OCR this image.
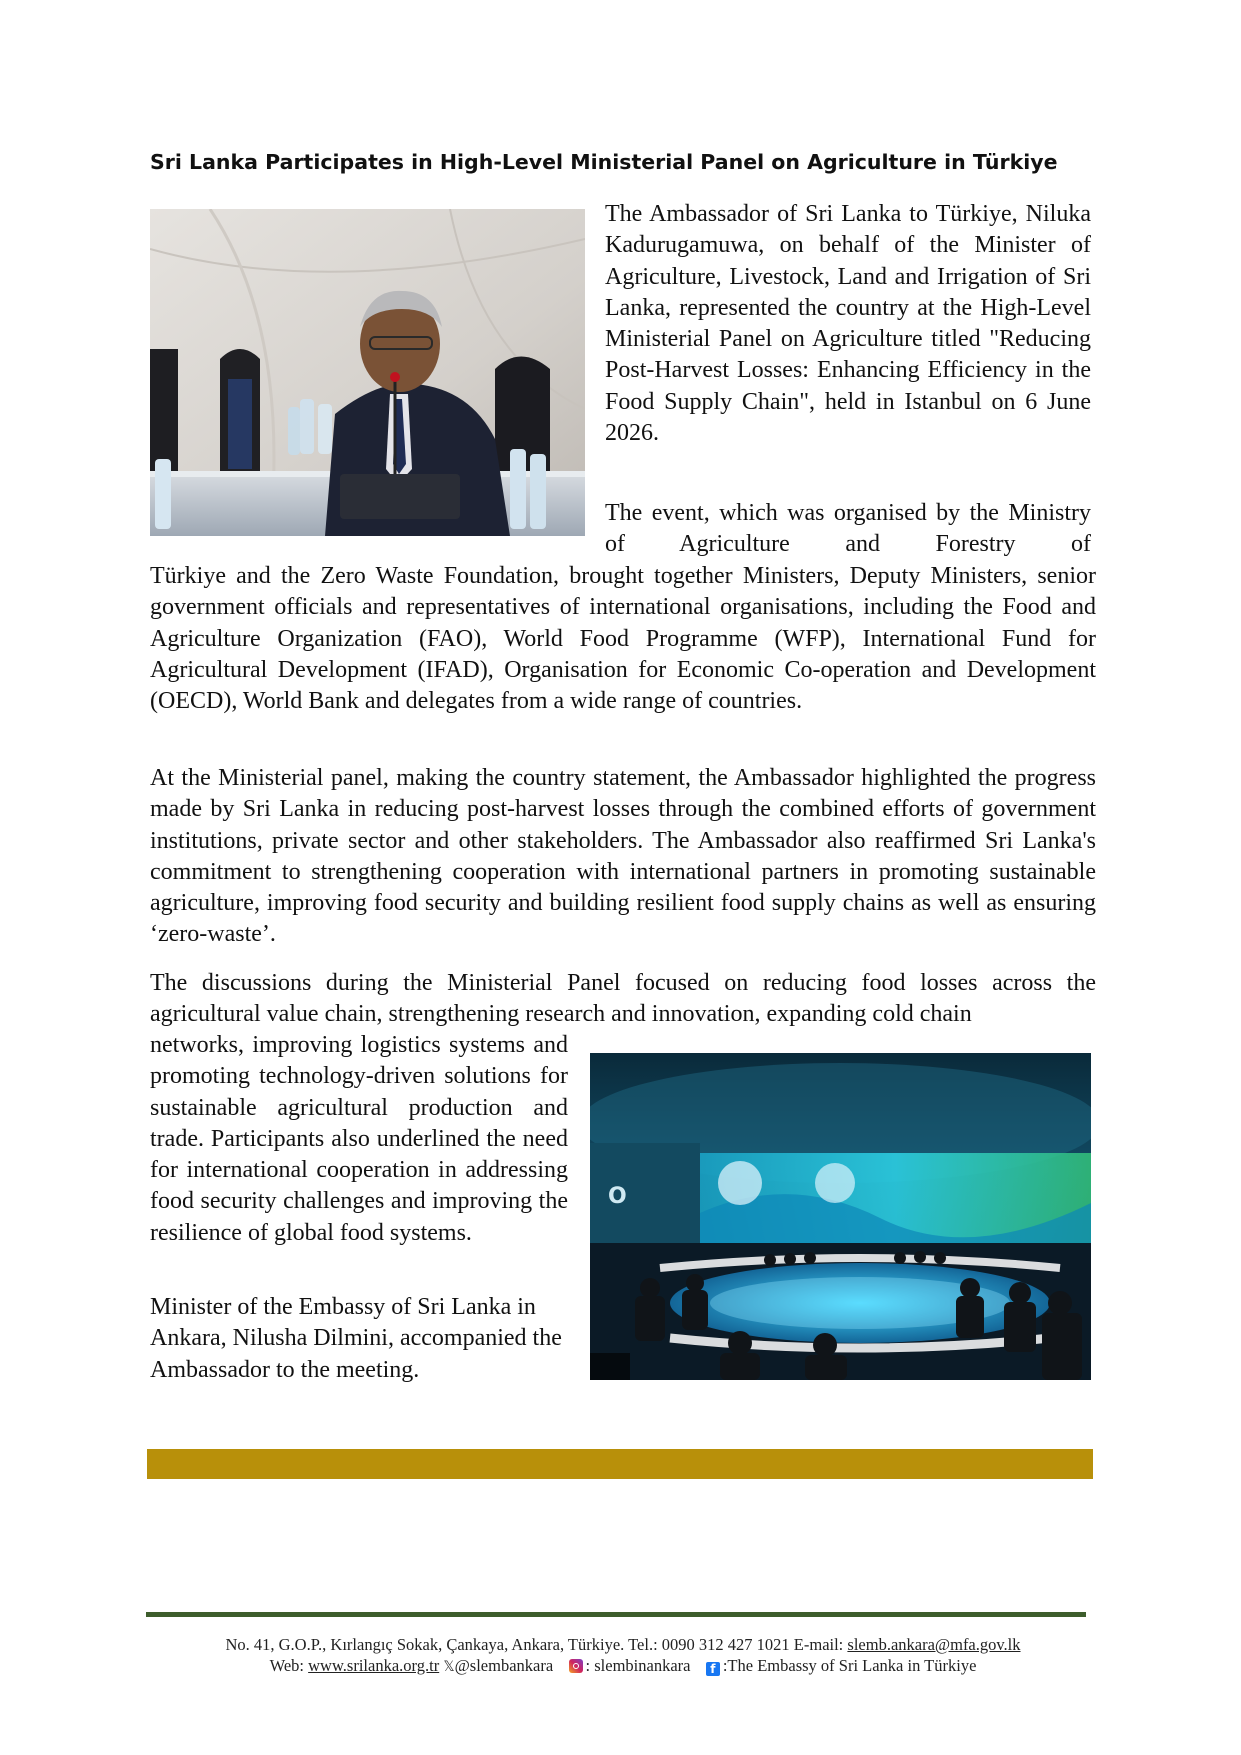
Sri Lanka Participates in High-Level Ministerial Panel on Agriculture in Türkiye

The Ambassador of Sri Lanka to Türkiye, Niluka Kadurugamuwa, on behalf of the Minister of Agriculture, Livestock, Land and Irrigation of Sri Lanka, represented the country at the High-Level Ministerial Panel on Agriculture titled "Reducing Post-Harvest Losses: Enhancing Efficiency in the Food Supply Chain", held in Istanbul on 6 June 2026.

The event, which was organised by the Ministry of Agriculture and Forestry of

Türkiye and the Zero Waste Foundation, brought together Ministers, Deputy Ministers, senior government officials and representatives of international organisations, including the Food and Agriculture Organization (FAO), World Food Programme (WFP), International Fund for Agricultural Development (IFAD), Organisation for Economic Co-operation and Development (OECD), World Bank and delegates from a wide range of countries.

At the Ministerial panel, making the country statement, the Ambassador highlighted the progress made by Sri Lanka in reducing post-harvest losses through the combined efforts of government institutions, private sector and other stakeholders. The Ambassador also reaffirmed Sri Lanka's commitment to strengthening cooperation with international partners in promoting sustainable agriculture, improving food security and building resilient food supply chains as well as ensuring ‘zero-waste’.

The discussions during the Ministerial Panel focused on reducing food losses across the agricultural value chain, strengthening research and innovation, expanding cold chain

O

networks, improving logistics systems and promoting technology-driven solutions for sustainable agricultural production and trade. Participants also underlined the need for international cooperation in addressing food security challenges and improving the resilience of global food systems.

Minister of the Embassy of Sri Lanka in Ankara, Nilusha Dilmini, accompanied the Ambassador to the meeting.

No. 41, G.O.P., Kırlangıç Sokak, Çankaya, Ankara, Türkiye. Tel.: 0090 312 427 1021 E-mail: slemb.ankara@mfa.gov.lk
Web: www.srilanka.org.tr 𝕏@slembankara : slembinankara f :The Embassy of Sri Lanka in Türkiye
